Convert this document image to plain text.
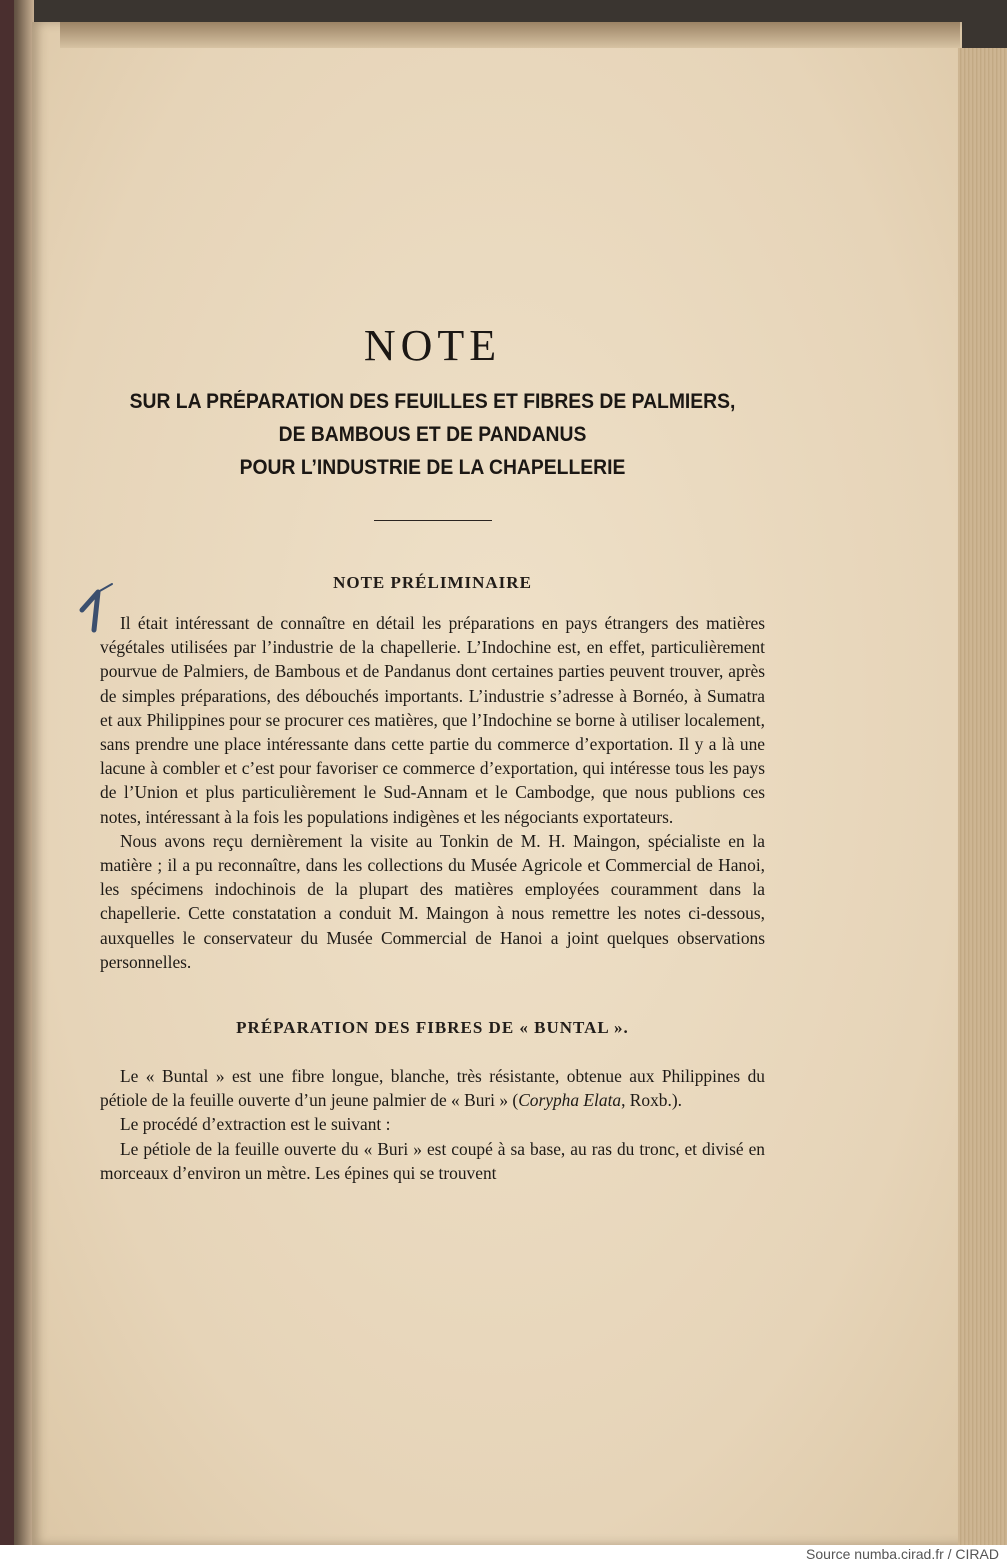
NOTE

SUR LA PRÉPARATION DES FEUILLES ET FIBRES DE PALMIERS,

DE BAMBOUS ET DE PANDANUS

POUR L’INDUSTRIE DE LA CHAPELLERIE

NOTE PRÉLIMINAIRE

Il était intéressant de connaître en détail les préparations en pays étrangers des matières végétales utilisées par l’industrie de la chapellerie. L’Indochine est, en effet, particulièrement pourvue de Palmiers, de Bambous et de Pandanus dont certaines parties peuvent trouver, après de simples préparations, des débouchés importants. L’industrie s’adresse à Bornéo, à Sumatra et aux Philippines pour se procurer ces matières, que l’Indochine se borne à utiliser localement, sans prendre une place intéressante dans cette partie du commerce d’exportation. Il y a là une lacune à combler et c’est pour favoriser ce commerce d’exportation, qui intéresse tous les pays de l’Union et plus particulièrement le Sud-Annam et le Cambodge, que nous publions ces notes, intéressant à la fois les populations indigènes et les négociants exportateurs.

Nous avons reçu dernièrement la visite au Tonkin de M. H. Maingon, spécialiste en la matière ; il a pu reconnaître, dans les collections du Musée Agricole et Commercial de Hanoi, les spécimens indochinois de la plupart des matières employées couramment dans la chapellerie. Cette constatation a conduit M. Maingon à nous remettre les notes ci-dessous, auxquelles le conservateur du Musée Commercial de Hanoi a joint quelques observations personnelles.

PRÉPARATION DES FIBRES DE « BUNTAL ».

Le « Buntal » est une fibre longue, blanche, très résistante, obtenue aux Philippines du pétiole de la feuille ouverte d’un jeune palmier de « Buri » (Corypha Elata, Roxb.).

Le procédé d’extraction est le suivant :

Le pétiole de la feuille ouverte du « Buri » est coupé à sa base, au ras du tronc, et divisé en morceaux d’environ un mètre. Les épines qui se trouvent

Source numba.cirad.fr / CIRAD
